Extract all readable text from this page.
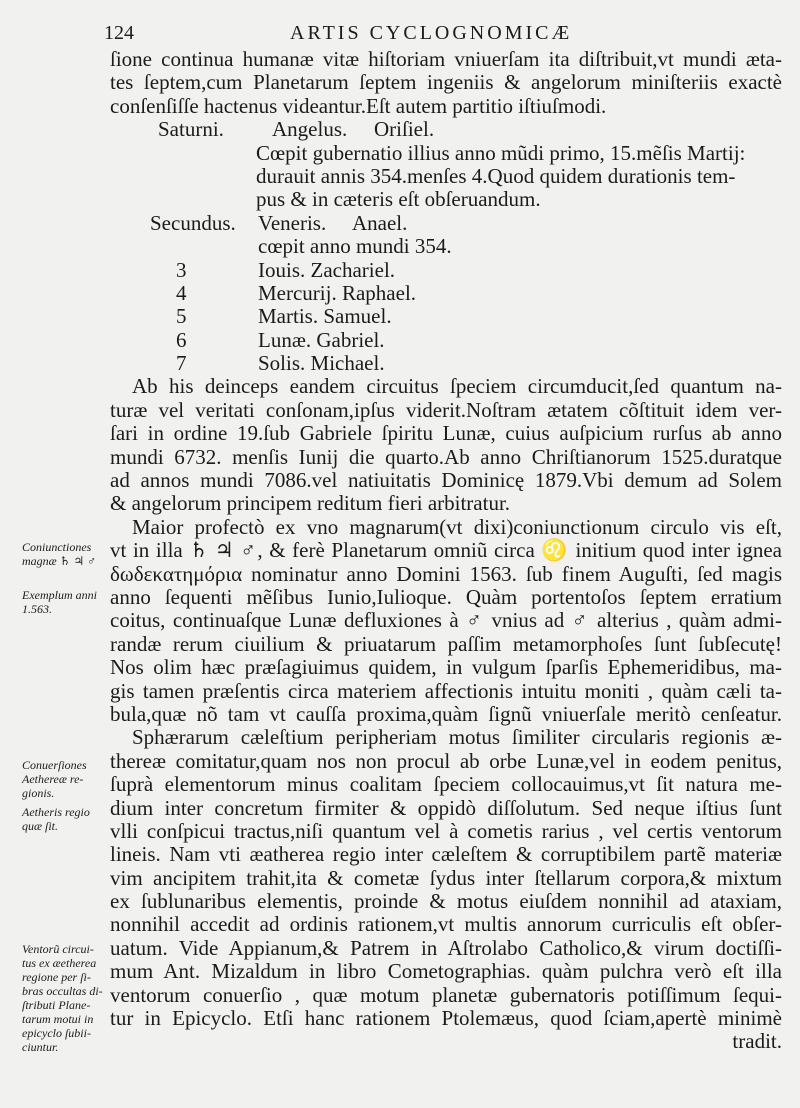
124	ARTIS CYCLOGNOMICÆ
ſione continua humanæ vitæ hiſtoriam vniuerſam ita diſtribuit,vt mundi æta-
tes ſeptem,cum Planetarum ſeptem ingeniis & angelorum miniſteriis exactè
conſenſiſſe hactenus videantur.Eſt autem partitio iſtiuſmodi.
Saturni. Angelus. Oriſiel.
Cœpit gubernatio illius anno mũdi primo, 15.mẽſis Martij:
durauit annis 354.menſes 4.Quod quidem durationis tem-
pus & in cæteris eſt obſeruandum.
Secundus. Veneris. Anael.
cœpit anno mundi 354.
3	Iouis. Zachariel.
4	Mercurij. Raphael.
5	Martis. Samuel.
6	Lunæ. Gabriel.
7	Solis. Michael.
Ab his deinceps eandem circuitus ſpeciem circumducit,ſed quantum na-
turæ vel veritati conſonam,ipſus viderit.Noſtram ætatem cõſtituit idem ver-
ſari in ordine 19.ſub Gabriele ſpiritu Lunæ, cuius auſpicium rurſus ab anno
mundi 6732. menſis Iunij die quarto.Ab anno Chriſtianorum 1525.duratque
ad annos mundi 7086.vel natiuitatis Dominicę 1879.Vbi demum ad Solem
& angelorum principem reditum fieri arbitratur.
Maior profectò ex vno magnarum(vt dixi)coniunctionum circulo vis eſt,
vt in illa ♄ ♃ ♂, & ferè Planetarum omniũ circa ♌ initium quod inter ignea
δωδεκατημόρια nominatur anno Domini 1563. ſub finem Auguſti, ſed magis
anno ſequenti mẽſibus Iunio,Iulioque. Quàm portentoſos ſeptem erratium
coitus, continuaſque Lunæ defluxiones à ♂ vnius ad ♂ alterius , quàm admi-
randæ rerum ciuilium & priuatarum paſſim metamorphoſes ſunt ſubſecutę!
Nos olim hæc præſagiuimus quidem, in vulgum ſparſis Ephemeridibus, ma-
gis tamen præſentis circa materiem affectionis intuitu moniti , quàm cæli ta-
bula,quæ nõ tam vt cauſſa proxima,quàm ſignũ vniuerſale meritò cenſeatur.
Sphærarum cæleſtium peripheriam motus ſimiliter circularis regionis æ-
thereæ comitatur,quam nos non procul ab orbe Lunæ,vel in eodem penitus,
ſuprà elementorum minus coalitam ſpeciem collocauimus,vt ſit natura me-
dium inter concretum firmiter & oppidò diſſolutum. Sed neque iſtius ſunt
vlli conſpicui tractus,niſi quantum vel à cometis rarius , vel certis ventorum
lineis. Nam vti æatherea regio inter cæleſtem & corruptibilem partẽ materiæ
vim ancipitem trahit,ita & cometæ ſydus inter ſtellarum corpora,& mixtum
ex ſublunaribus elementis, proinde & motus eiuſdem nonnihil ad ataxiam,
nonnihil accedit ad ordinis rationem,vt multis annorum curriculis eſt obſer-
uatum. Vide Appianum,& Patrem in Aſtrolabo Catholico,& virum doctiſſi-
mum Ant. Mizaldum in libro Cometographias. quàm pulchra verò eſt illa
ventorum conuerſio , quæ motum planetæ gubernatoris potiſſimum ſequi-
tur in Epicyclo. Etſi hanc rationem Ptolemæus, quod ſciam,apertè minimè
tradit.
Coniunctiones
magnæ ♄ ♃ ♂
Exemplum anni
1.563.
Conuerſiones
Aethereæ re-
gionis.
Aetheris regio
quæ ſit.
Ventorũ circui-
tus ex æetherea
regione per ſi-
bras occultas di-
ſtributi Plane-
tarum motui in
epicyclo ſubii-
ciuntur.
